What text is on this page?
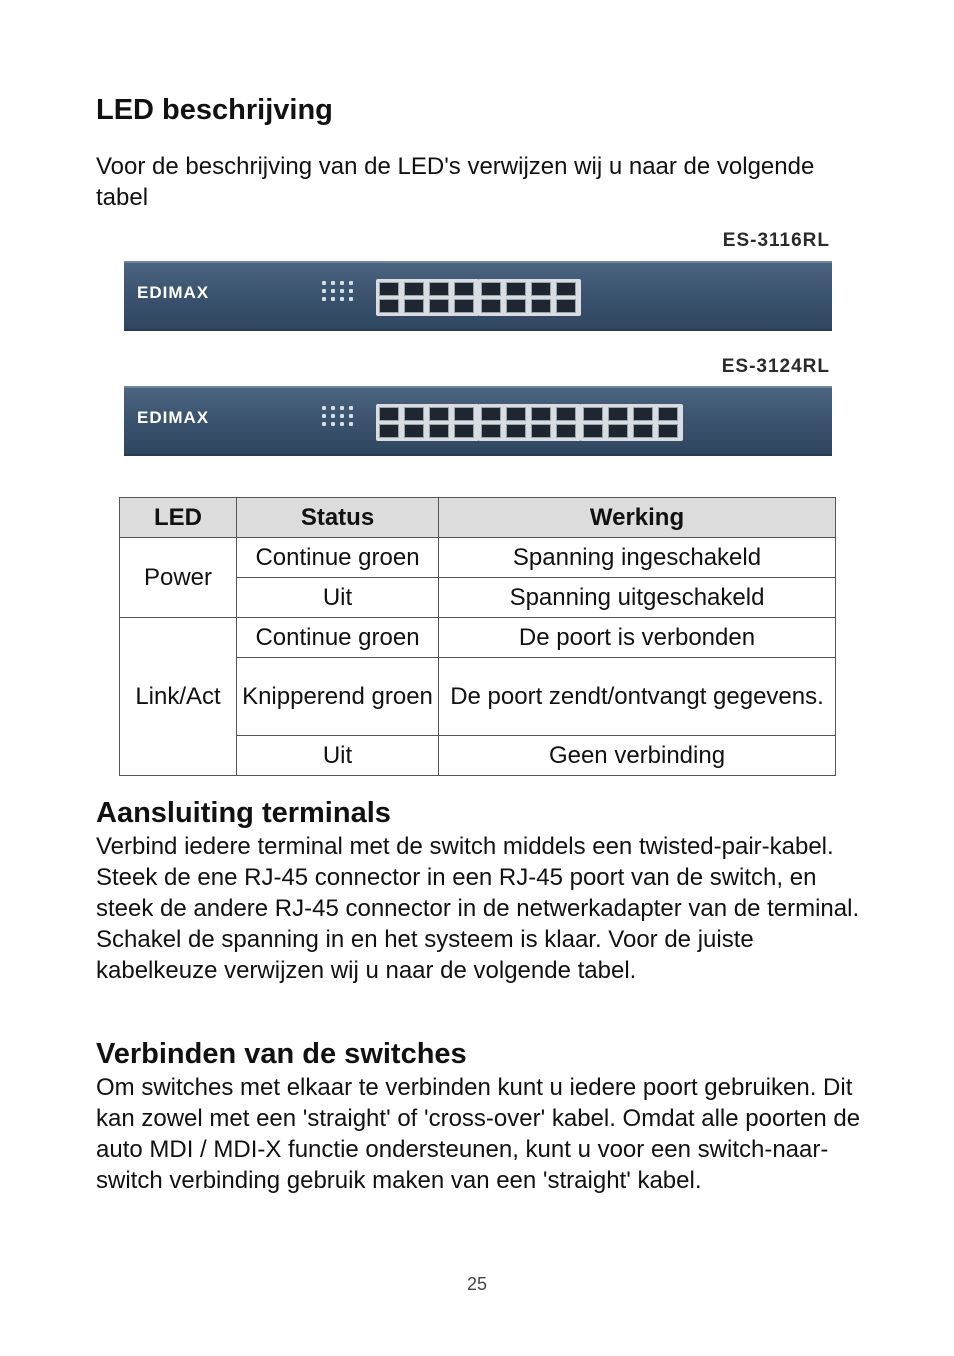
LED beschrijving

Voor de beschrijving van de LED's verwijzen wij u naar de volgende tabel

ES-3116RL
EDIMAX
ES-3124RL
EDIMAX
LED	Status	Werking
Power	Continue groen	Spanning ingeschakeld
	Uit	Spanning uitgeschakeld
Link/Act	Continue groen	De poort is verbonden
	Knipperend groen	De poort zendt/ontvangt gegevens.
	Uit	Geen verbinding
Aansluiting terminals

Verbind iedere terminal met de switch middels een twisted-pair-kabel. Steek de ene RJ-45 connector in een RJ-45 poort van de switch, en steek de andere RJ-45 connector in de netwerkadapter van de terminal. Schakel de spanning in en het systeem is klaar. Voor de juiste kabelkeuze verwijzen wij u naar de volgende tabel.

Verbinden van de switches

Om switches met elkaar te verbinden kunt u iedere poort gebruiken. Dit kan zowel met een 'straight' of 'cross-over' kabel. Omdat alle poorten de auto MDI / MDI-X functie ondersteunen, kunt u voor een switch-naar-switch verbinding gebruik maken van een 'straight' kabel.

25
